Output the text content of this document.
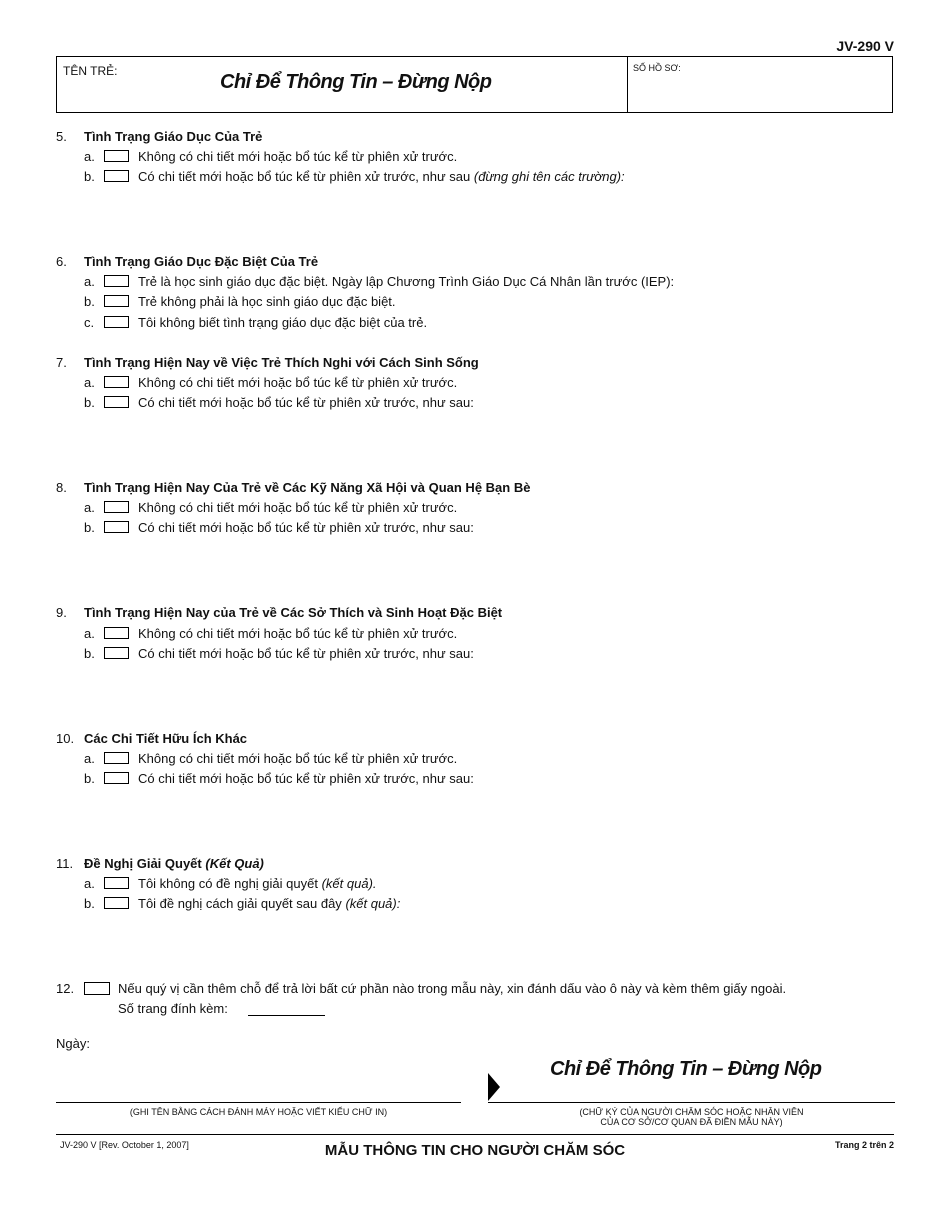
JV-290 V
TÊN TRẺ:	Chỉ Để Thông Tin – Đừng Nộp
SỐ HỒ SƠ:
5. Tình Trạng Giáo Dục Của Trẻ
a.	Không có chi tiết mới hoặc bổ túc kể từ phiên xử trước.
b.	Có chi tiết mới hoặc bổ túc kể từ phiên xử trước, như sau (đừng ghi tên các trường):
6. Tình Trạng Giáo Dục Đặc Biệt Của Trẻ
a.	Trẻ là học sinh giáo dục đặc biệt. Ngày lập Chương Trình Giáo Dục Cá Nhân lần trước (IEP):
b.	Trẻ không phải là học sinh giáo dục đặc biệt.
c.	Tôi không biết tình trạng giáo dục đặc biệt của trẻ.
7. Tình Trạng Hiện Nay về Việc Trẻ Thích Nghi với Cách Sinh Sống
a.	Không có chi tiết mới hoặc bổ túc kể từ phiên xử trước.
b.	Có chi tiết mới hoặc bổ túc kể từ phiên xử trước, như sau:
8. Tình Trạng Hiện Nay Của Trẻ về Các Kỹ Năng Xã Hội và Quan Hệ Bạn Bè
a.	Không có chi tiết mới hoặc bổ túc kể từ phiên xử trước.
b.	Có chi tiết mới hoặc bổ túc kể từ phiên xử trước, như sau:
9. Tình Trạng Hiện Nay của Trẻ về Các Sở Thích và Sinh Hoạt Đặc Biệt
a.	Không có chi tiết mới hoặc bổ túc kể từ phiên xử trước.
b.	Có chi tiết mới hoặc bổ túc kể từ phiên xử trước, như sau:
10. Các Chi Tiết Hữu Ích Khác
a.	Không có chi tiết mới hoặc bổ túc kể từ phiên xử trước.
b.	Có chi tiết mới hoặc bổ túc kể từ phiên xử trước, như sau:
11. Đề Nghị Giải Quyết (Kết Quả)
a.	Tôi không có đề nghị giải quyết (kết quả).
b.	Tôi đề nghị cách giải quyết sau đây (kết quả):
12.	Nếu quý vị cần thêm chỗ để trả lời bất cứ phần nào trong mẫu này, xin đánh dấu vào ô này và kèm thêm giấy ngoài.
Số trang đính kèm:
Ngày:
Chỉ Để Thông Tin – Đừng Nộp
(GHI TÊN BẰNG CÁCH ĐÁNH MÁY HOẶC VIẾT KIỂU CHỮ IN)	(CHỮ KÝ CỦA NGƯỜI CHĂM SÓC HOẶC NHÂN VIÊN
CỦA CƠ SỞ/CƠ QUAN ĐÃ ĐIỀN MẪU NÀY)
JV-290 V [Rev. October 1, 2007]	MẪU THÔNG TIN CHO NGƯỜI CHĂM SÓC	Trang 2 trên 2
